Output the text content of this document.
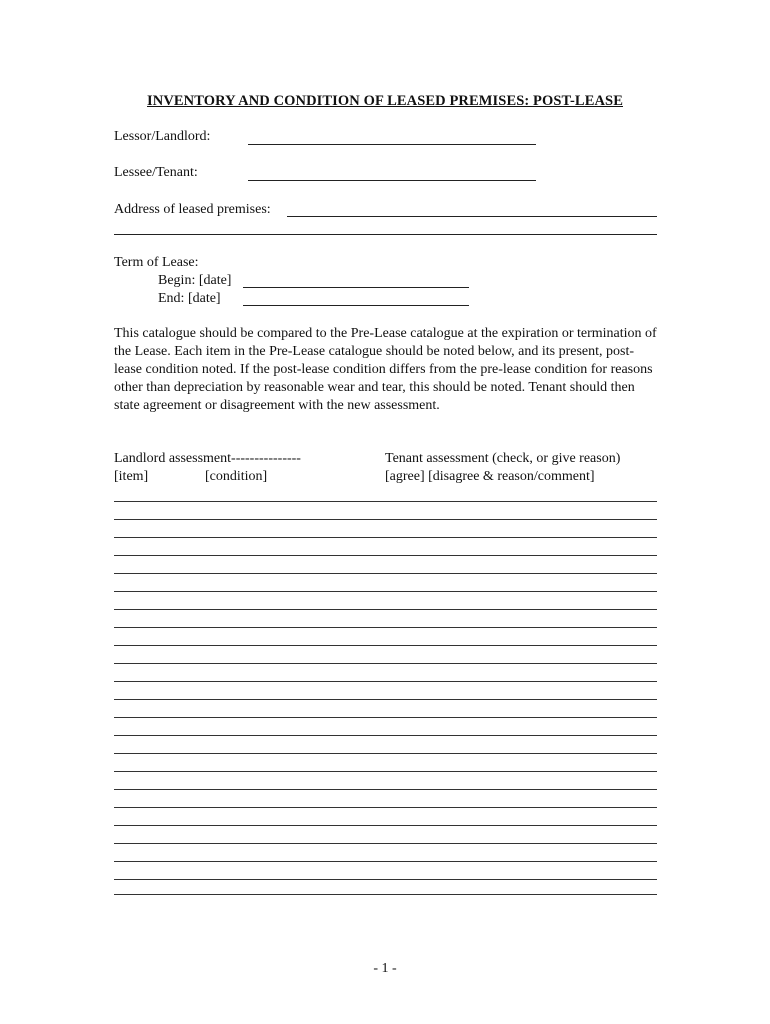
INVENTORY AND CONDITION OF LEASED PREMISES: POST-LEASE
Lessor/Landlord:
Lessee/Tenant:
Address of leased premises:
Term of Lease:
Begin: [date]
End: [date]
This catalogue should be compared to the Pre-Lease catalogue at the expiration or termination of the Lease. Each item in the Pre-Lease catalogue should be noted below, and its present, post-lease condition noted. If the post-lease condition differs from the pre-lease condition for reasons other than depreciation by reasonable wear and tear, this should be noted. Tenant should then state agreement or disagreement with the new assessment.
Landlord assessment---------------	Tenant assessment (check, or give reason)
[item]	[condition]	[agree] [disagree & reason/comment]
- 1 -
